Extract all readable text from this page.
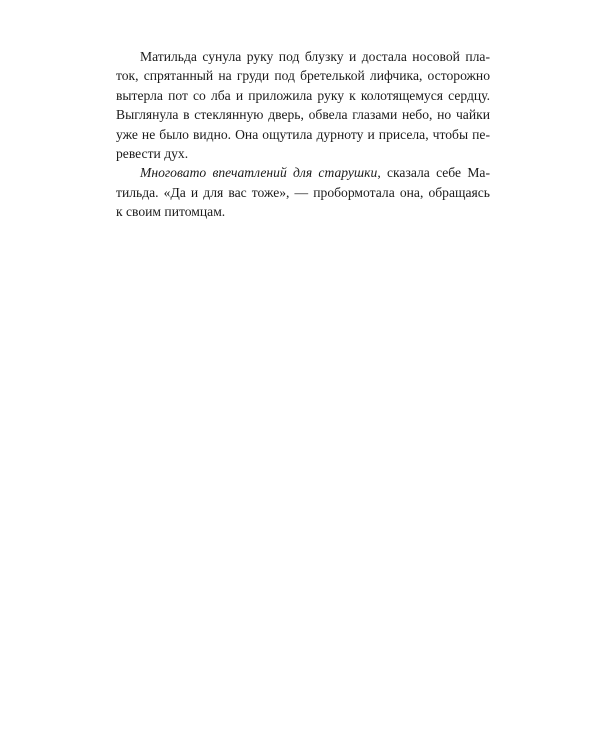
Матильда сунула руку под блузку и достала носовой пла-
ток, спрятанный на груди под бретелькой лифчика, осторожно
вытерла пот со лба и приложила руку к колотящемуся сердцу.
Выглянула в стеклянную дверь, обвела глазами небо, но чайки
уже не было видно. Она ощутила дурноту и присела, чтобы пе-
ревести дух.
Многовато впечатлений для старушки, сказала себе Ма-
тильда. «Да и для вас тоже», — пробормотала она, обращаясь
к своим питомцам.
